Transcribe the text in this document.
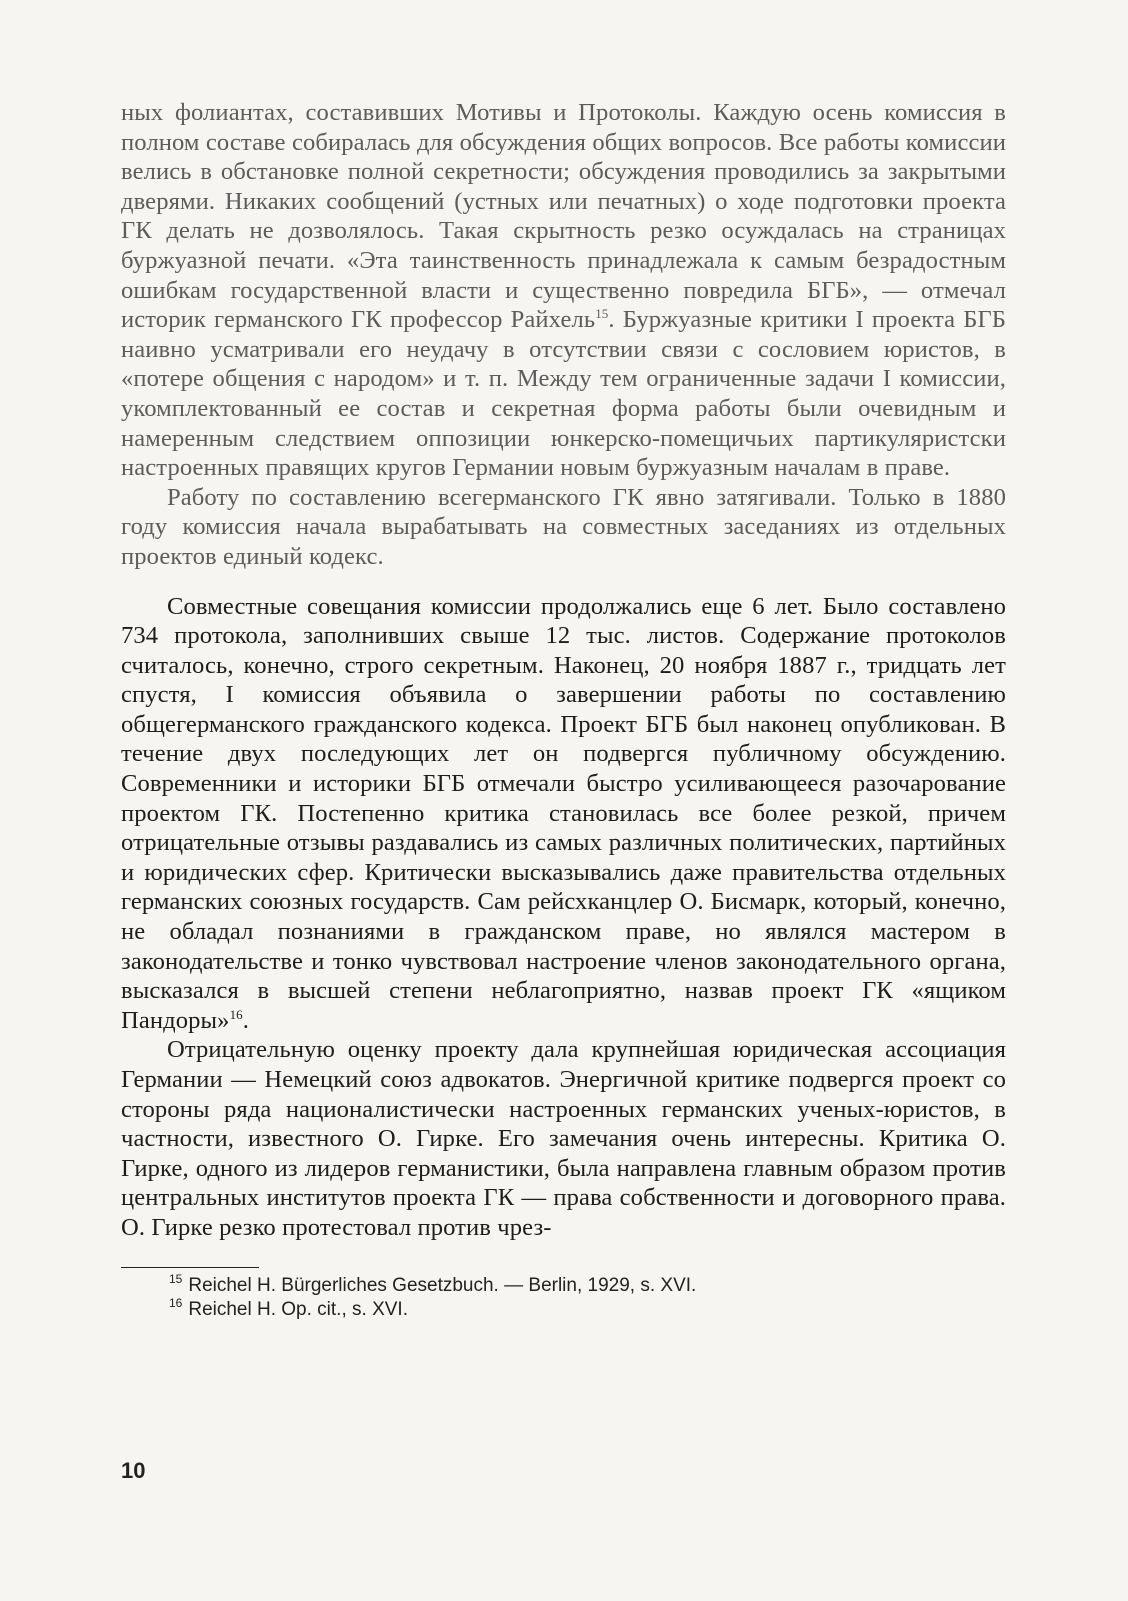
ных фолиантах, составивших Мотивы и Протоколы. Каждую осень комиссия в полном составе собиралась для обсуждения общих вопросов. Все работы комиссии велись в обстановке полной секретности; обсуждения проводились за закрытыми дверями. Никаких сообщений (устных или печатных) о ходе подготовки проекта ГК делать не дозволялось. Такая скрытность резко осуждалась на страницах буржуазной печати. «Эта таинственность принадлежала к самым безрадостным ошибкам государственной власти и существенно повредила БГБ», — отмечал историк германского ГК профессор Райхель$^{15}$. Буржуазные критики I проекта БГБ наивно усматривали его неудачу в отсутствии связи с сословием юристов, в «потере общения с народом» и т. п. Между тем ограниченные задачи I комиссии, укомплектованный ее состав и секретная форма работы были очевидным и намеренным следствием оппозиции юнкерско-помещичьих партикуляристски настроенных правящих кругов Германии новым буржуазным началам в праве.

Работу по составлению всегерманского ГК явно затягивали. Только в 1880 году комиссия начала вырабатывать на совместных заседаниях из отдельных проектов единый кодекс.

Совместные совещания комиссии продолжались еще 6 лет. Было составлено 734 протокола, заполнивших свыше 12 тыс. листов. Содержание протоколов считалось, конечно, строго секретным. Наконец, 20 ноября 1887 г., тридцать лет спустя, I комиссия объявила о завершении работы по составлению общегерманского гражданского кодекса. Проект БГБ был наконец опубликован. В течение двух последующих лет он подвергся публичному обсуждению. Современники и историки БГБ отмечали быстро усиливающееся разочарование проектом ГК. Постепенно критика становилась все более резкой, причем отрицательные отзывы раздавались из самых различных политических, партийных и юридических сфер. Критически высказывались даже правительства отдельных германских союзных государств. Сам рейсхканцлер О. Бисмарк, который, конечно, не обладал познаниями в гражданском праве, но являлся мастером в законодательстве и тонко чувствовал настроение членов законодательного органа, высказался в высшей степени неблагоприятно, назвав проект ГК «ящиком Пандоры»$^{16}$.

Отрицательную оценку проекту дала крупнейшая юридическая ассоциация Германии — Немецкий союз адвокатов. Энергичной критике подвергся проект со стороны ряда националистически настроенных германских ученых-юристов, в частности, известного О. Гирке. Его замечания очень интересны. Критика О. Гирке, одного из лидеров германистики, была направлена главным образом против центральных институтов проекта ГК — права собственности и договорного права. О. Гирке резко протестовал против чрез-

$^{15}$ Reichel H. Bürgerliches Gesetzbuch. — Berlin, 1929, s. XVI.
$^{16}$ Reichel H. Op. cit., s. XVI.
10
